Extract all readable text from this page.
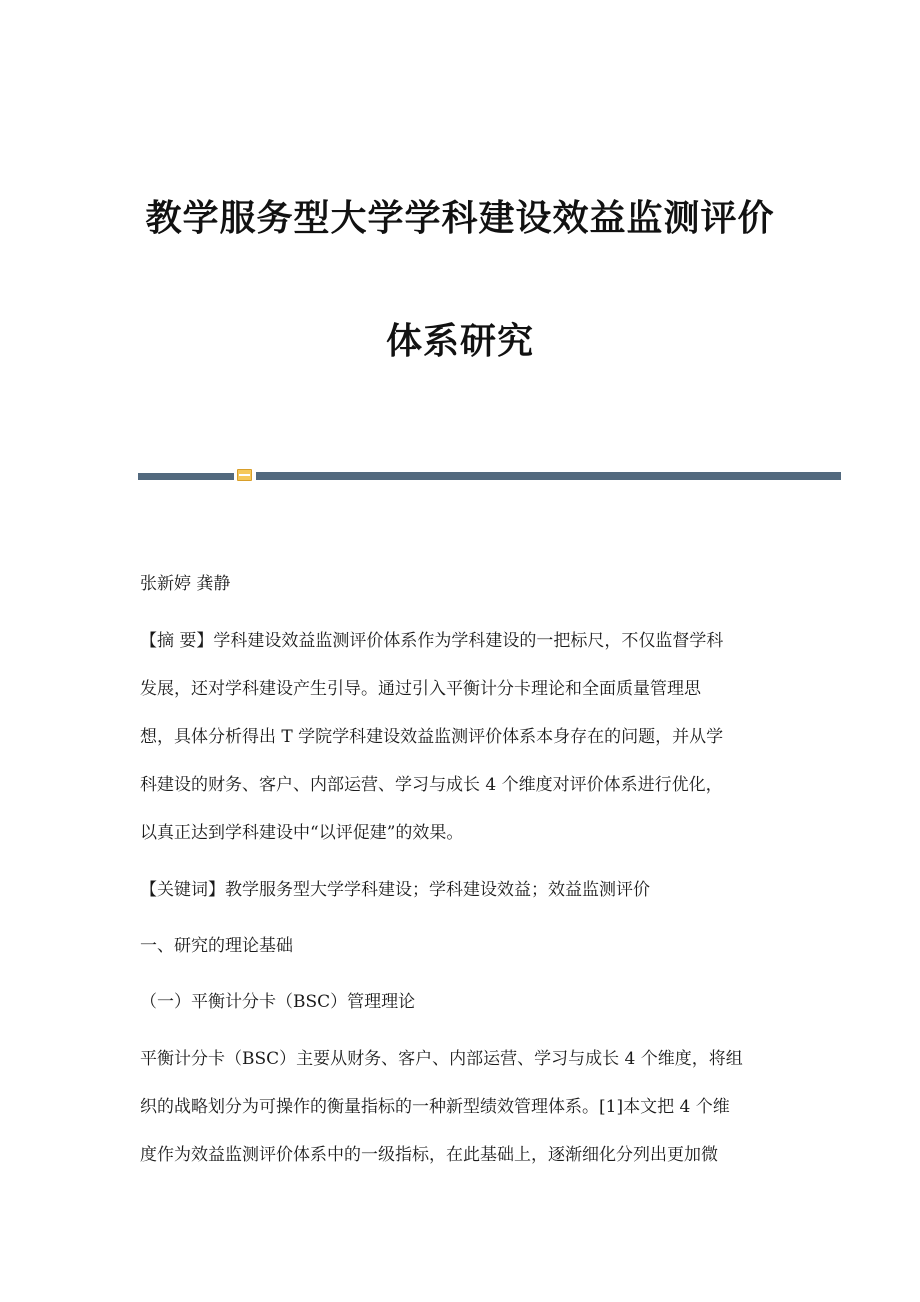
教学服务型大学学科建设效益监测评价
体系研究
张新婷 龚静
【摘 要】学科建设效益监测评价体系作为学科建设的一把标尺，不仅监督学科
发展，还对学科建设产生引导。通过引入平衡计分卡理论和全面质量管理思
想，具体分析得出 T 学院学科建设效益监测评价体系本身存在的问题，并从学
科建设的财务、客户、内部运营、学习与成长 4 个维度对评价体系进行优化，
以真正达到学科建设中“以评促建”的效果。
【关键词】教学服务型大学学科建设；学科建设效益；效益监测评价
一、研究的理论基础
（一）平衡计分卡（BSC）管理理论
平衡计分卡（BSC）主要从财务、客户、内部运营、学习与成长 4 个维度，将组
织的战略划分为可操作的衡量指标的一种新型绩效管理体系。[1]本文把 4 个维
度作为效益监测评价体系中的一级指标，在此基础上，逐渐细化分列出更加微
